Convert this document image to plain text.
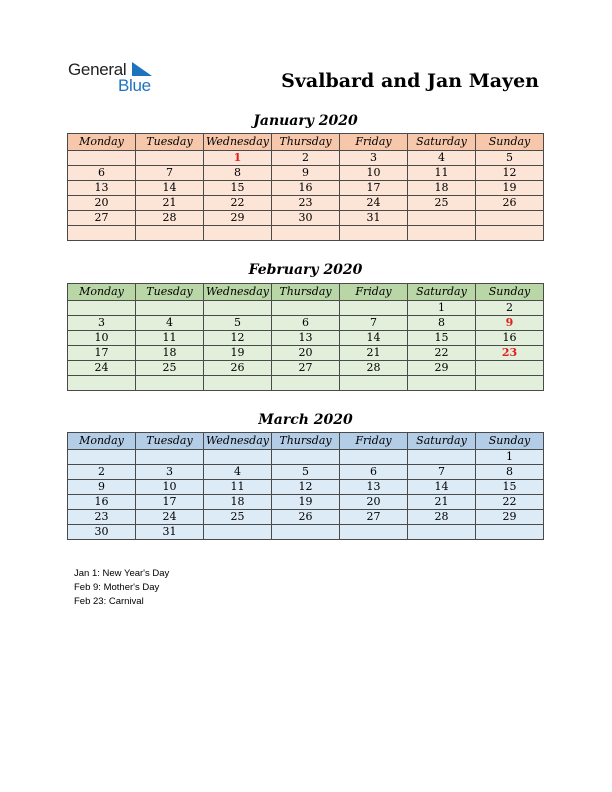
General
Blue	Svalbard and Jan Mayen
January 2020
Monday	Tuesday	Wednesday	Thursday	Friday	Saturday	Sunday
		1	2	3	4	5
6	7	8	9	10	11	12
13	14	15	16	17	18	19
20	21	22	23	24	25	26
27	28	29	30	31		

February 2020
Monday	Tuesday	Wednesday	Thursday	Friday	Saturday	Sunday
					1	2
3	4	5	6	7	8	9
10	11	12	13	14	15	16
17	18	19	20	21	22	23
24	25	26	27	28	29	

March 2020
Monday	Tuesday	Wednesday	Thursday	Friday	Saturday	Sunday
						1
2	3	4	5	6	7	8
9	10	11	12	13	14	15
16	17	18	19	20	21	22
23	24	25	26	27	28	29
30	31					
Jan 1: New Year's Day
Feb 9: Mother's Day
Feb 23: Carnival
